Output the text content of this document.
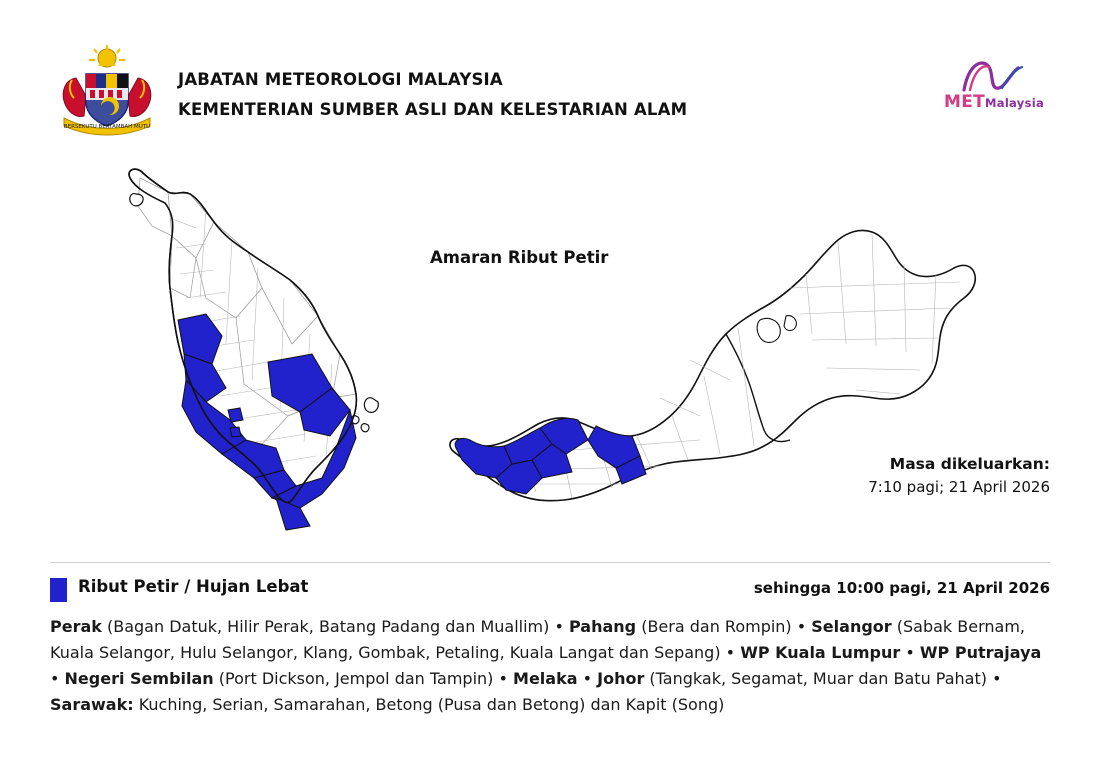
BERSEKUTU BERTAMBAH MUTU
JABATAN METEOROLOGI MALAYSIA
KEMENTERIAN SUMBER ASLI DAN KELESTARIAN ALAM	METMalaysia
Amaran Ribut Petir
Masa dikeluarkan:
7:10 pagi; 21 April 2026
Ribut Petir / Hujan Lebat	sehingga 10:00 pagi, 21 April 2026
Perak (Bagan Datuk, Hilir Perak, Batang Padang dan Muallim) • Pahang (Bera dan Rompin) • Selangor (Sabak Bernam, Kuala Selangor, Hulu Selangor, Klang, Gombak, Petaling, Kuala Langat dan Sepang) • WP Kuala Lumpur • WP Putrajaya • Negeri Sembilan (Port Dickson, Jempol dan Tampin) • Melaka • Johor (Tangkak, Segamat, Muar dan Batu Pahat) • Sarawak: Kuching, Serian, Samarahan, Betong (Pusa dan Betong) dan Kapit (Song)
